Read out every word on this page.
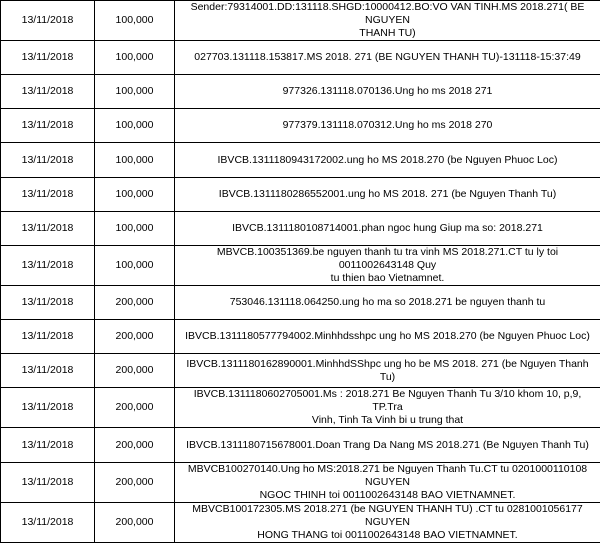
13/11/2018	100,000	Sender:79314001.DD:131118.SHGD:10000412.BO:VO VAN TINH.MS 2018.271( BE NGUYEN
THANH TU)

13/11/2018	100,000	027703.131118.153817.MS 2018. 271 (BE NGUYEN THANH TU)-131118-15:37:49

13/11/2018	100,000	977326.131118.070136.Ung ho ms 2018 271

13/11/2018	100,000	977379.131118.070312.Ung ho ms 2018 270

13/11/2018	100,000	IBVCB.1311180943172002.ung ho MS 2018.270 (be Nguyen Phuoc Loc)

13/11/2018	100,000	IBVCB.1311180286552001.ung ho MS 2018. 271 (be Nguyen Thanh Tu)

13/11/2018	100,000	IBVCB.1311180108714001.phan ngoc hung Giup ma so: 2018.271

13/11/2018	100,000	MBVCB.100351369.be nguyen thanh tu tra vinh MS 2018.271.CT tu ly toi 0011002643148 Quy
tu thien bao Vietnamnet.

13/11/2018	200,000	753046.131118.064250.ung ho ma so 2018.271 be nguyen thanh tu

13/11/2018	200,000	IBVCB.1311180577794002.Minhhdsshpc ung ho MS 2018.270 (be Nguyen Phuoc Loc)

13/11/2018	200,000	IBVCB.1311180162890001.MinhhdSShpc ung ho be MS 2018. 271 (be Nguyen Thanh Tu)

13/11/2018	200,000	IBVCB.1311180602705001.Ms : 2018.271 Be Nguyen Thanh Tu 3/10 khom 10, p,9, TP.Tra
Vinh, Tinh Ta Vinh bi u trung that

13/11/2018	200,000	IBVCB.1311180715678001.Doan Trang Da Nang MS 2018.271 (Be Nguyen Thanh Tu)

13/11/2018	200,000	MBVCB100270140.Ung ho MS:2018.271 be Nguyen Thanh Tu.CT tu 0201000110108 NGUYEN
NGOC THINH toi 0011002643148 BAO VIETNAMNET.

13/11/2018	200,000	MBVCB100172305.MS 2018.271 (be NGUYEN THANH TU) .CT tu 0281001056177 NGUYEN
HONG THANG toi 0011002643148 BAO VIETNAMNET.
